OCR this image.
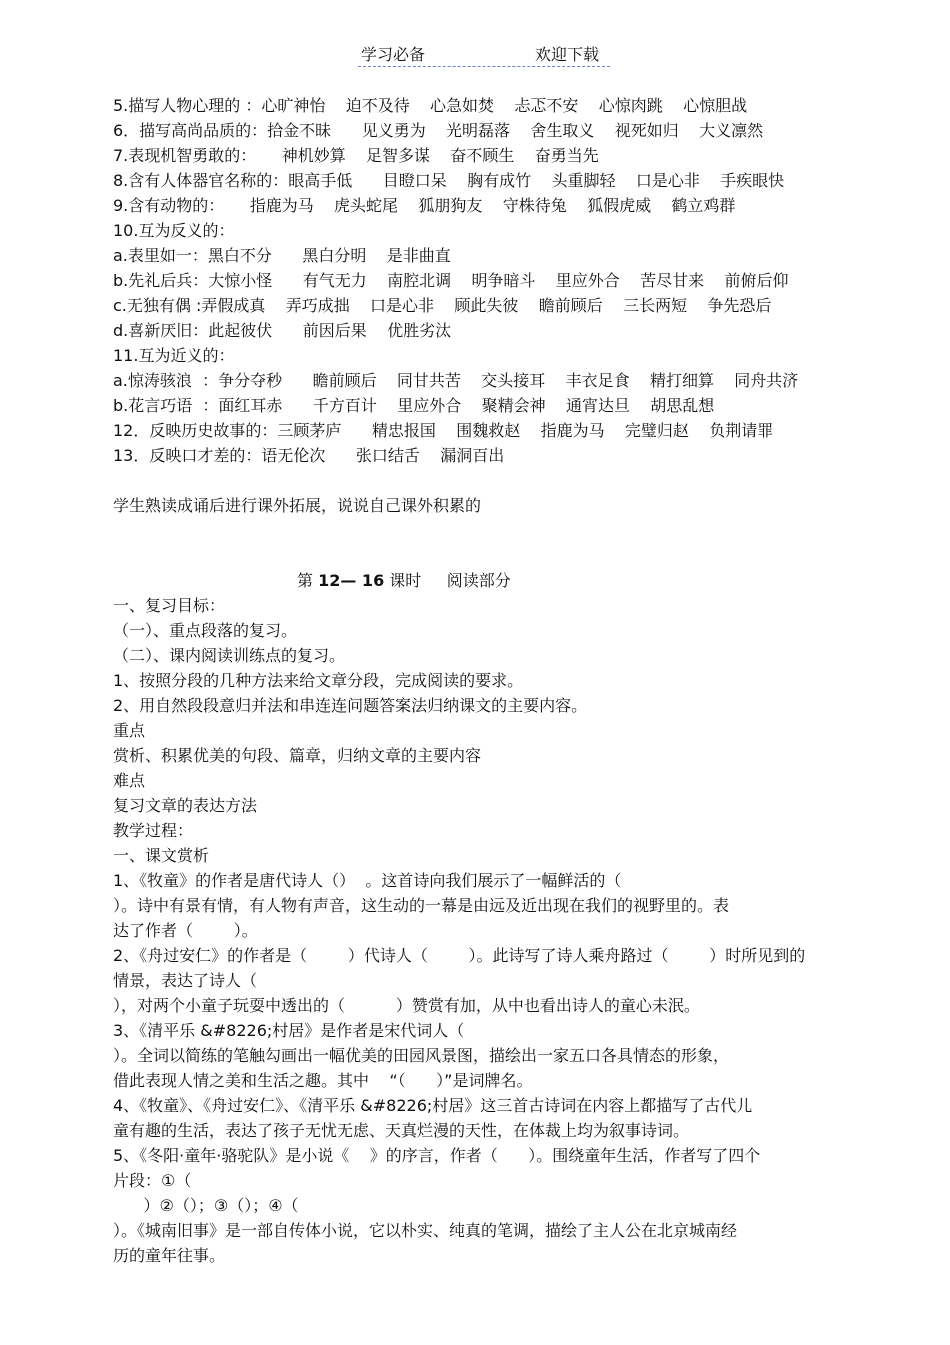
学习必备	欢迎下载
5.描写人物心理的 ：心旷神怡    迫不及待    心急如焚    忐忑不安    心惊肉跳    心惊胆战
6．描写高尚品质的：拾金不昧      见义勇为    光明磊落    舍生取义    视死如归    大义凛然
7.表现机智勇敢的：     神机妙算    足智多谋    奋不顾生    奋勇当先
8.含有人体器官名称的：眼高手低      目瞪口呆    胸有成竹    头重脚轻    口是心非    手疾眼快
9.含有动物的：     指鹿为马    虎头蛇尾    狐朋狗友    守株待兔    狐假虎威    鹤立鸡群
10.互为反义的：
a.表里如一：黑白不分      黑白分明    是非曲直
b.先礼后兵：大惊小怪      有气无力    南腔北调    明争暗斗    里应外合    苦尽甘来    前俯后仰
c.无独有偶 :弄假成真    弄巧成拙    口是心非    顾此失彼    瞻前顾后    三长两短    争先恐后
d.喜新厌旧：此起彼伏      前因后果    优胜劣汰
11.互为近义的：
a.惊涛骇浪  ：争分夺秒      瞻前顾后    同甘共苦    交头接耳    丰衣足食    精打细算    同舟共济
b.花言巧语  ：面红耳赤      千方百计    里应外合    聚精会神    通宵达旦    胡思乱想
12．反映历史故事的：三顾茅庐      精忠报国    围魏救赵    指鹿为马    完璧归赵    负荆请罪
13．反映口才差的：语无伦次      张口结舌    漏洞百出
学生熟读成诵后进行课外拓展，说说自己课外积累的
第 12— 16 课时     阅读部分
一、复习目标：
（一）、重点段落的复习。
（二）、课内阅读训练点的复习。
1、按照分段的几种方法来给文章分段，完成阅读的要求。
2、用自然段段意归并法和串连连问题答案法归纳课文的主要内容。
重点
赏析、积累优美的句段、篇章，归纳文章的主要内容
难点
复习文章的表达方法
教学过程：
一、课文赏析
1、《牧童》的作者是唐代诗人（）  。这首诗向我们展示了一幅鲜活的（
）。诗中有景有情，有人物有声音，这生动的一幕是由远及近出现在我们的视野里的。表
达了作者（        ）。
2、《舟过安仁》的作者是（        ）代诗人（        ）。此诗写了诗人乘舟路过（        ）时所见到的
情景，表达了诗人（
），对两个小童子玩耍中透出的（          ）赞赏有加，从中也看出诗人的童心未泯。
3、《清平乐 &#8226;村居》是作者是宋代词人（
）。全词以简练的笔触勾画出一幅优美的田园风景图，描绘出一家五口各具情态的形象，
借此表现人情之美和生活之趣。其中    “（      ）”是词牌名。
4、《牧童》、《舟过安仁》、《清平乐 &#8226;村居》这三首古诗词在内容上都描写了古代儿
童有趣的生活，表达了孩子无忧无虑、天真烂漫的天性，在体裁上均为叙事诗词。
5、《冬阳·童年·骆驼队》是小说《    》的序言，作者（      ）。围绕童年生活，作者写了四个
片段：①（
）②（）；③（）；④（
）。《城南旧事》是一部自传体小说，它以朴实、纯真的笔调，描绘了主人公在北京城南经
历的童年往事。
